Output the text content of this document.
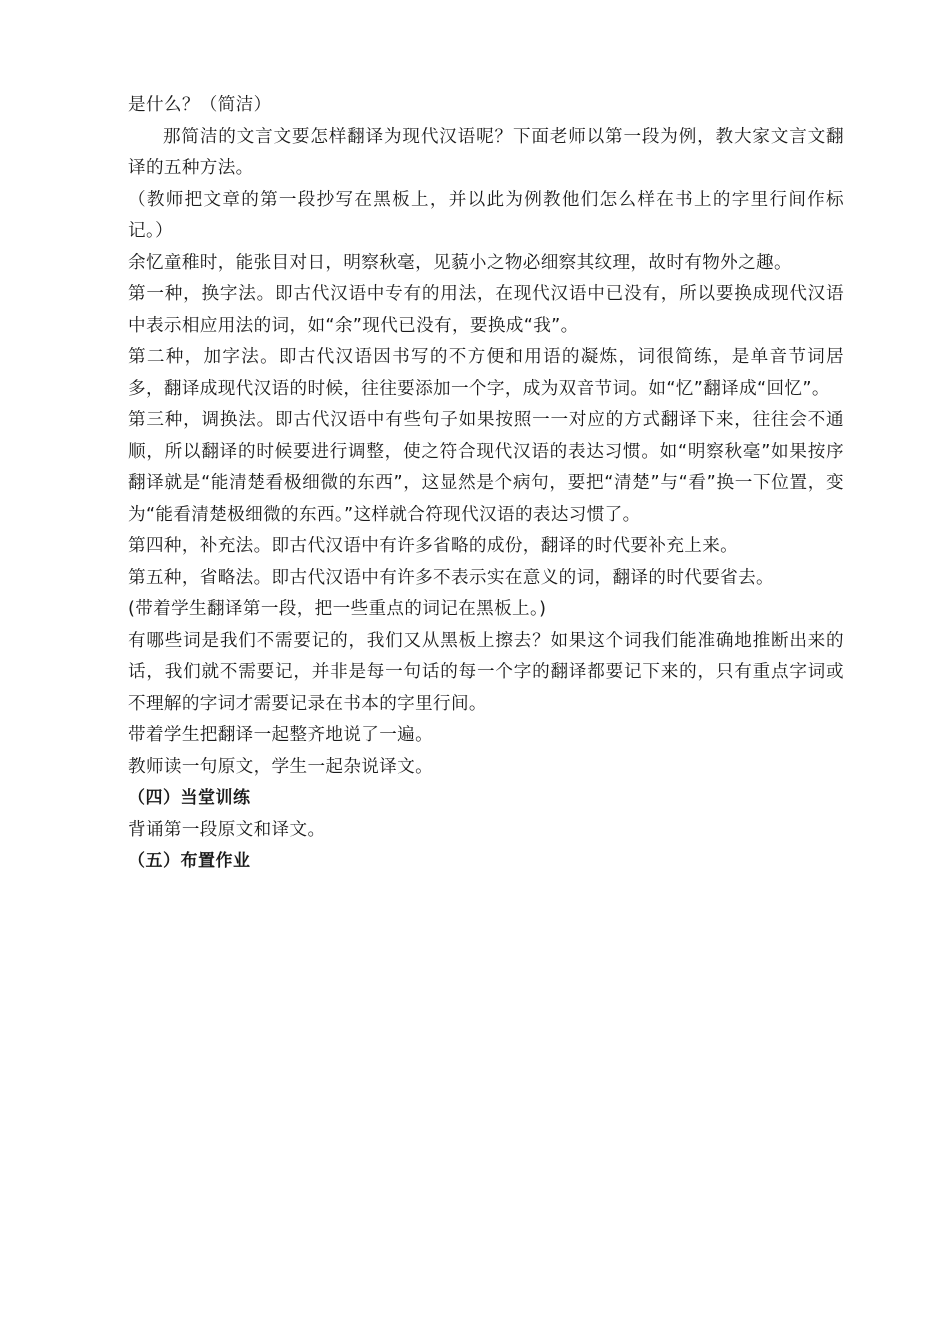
是什么？（简洁）

那简洁的文言文要怎样翻译为现代汉语呢？下面老师以第一段为例，教大家文言文翻译的五种方法。

（教师把文章的第一段抄写在黑板上，并以此为例教他们怎么样在书上的字里行间作标记。）

余忆童稚时，能张目对日，明察秋毫，见藐小之物必细察其纹理，故时有物外之趣。

第一种，换字法。即古代汉语中专有的用法，在现代汉语中已没有，所以要换成现代汉语中表示相应用法的词，如“余”现代已没有，要换成“我”。

第二种，加字法。即古代汉语因书写的不方便和用语的凝炼，词很简练，是单音节词居多，翻译成现代汉语的时候，往往要添加一个字，成为双音节词。如“忆”翻译成“回忆”。

第三种，调换法。即古代汉语中有些句子如果按照一一对应的方式翻译下来，往往会不通顺，所以翻译的时候要进行调整，使之符合现代汉语的表达习惯。如“明察秋毫”如果按序翻译就是“能清楚看极细微的东西”，这显然是个病句，要把“清楚”与“看”换一下位置，变为“能看清楚极细微的东西。”这样就合符现代汉语的表达习惯了。

第四种，补充法。即古代汉语中有许多省略的成份，翻译的时代要补充上来。

第五种，省略法。即古代汉语中有许多不表示实在意义的词，翻译的时代要省去。

(带着学生翻译第一段，把一些重点的词记在黑板上。)

有哪些词是我们不需要记的，我们又从黑板上擦去？如果这个词我们能准确地推断出来的话，我们就不需要记，并非是每一句话的每一个字的翻译都要记下来的，只有重点字词或不理解的字词才需要记录在书本的字里行间。

带着学生把翻译一起整齐地说了一遍。

教师读一句原文，学生一起杂说译文。

（四）当堂训练

背诵第一段原文和译文。

（五）布置作业
